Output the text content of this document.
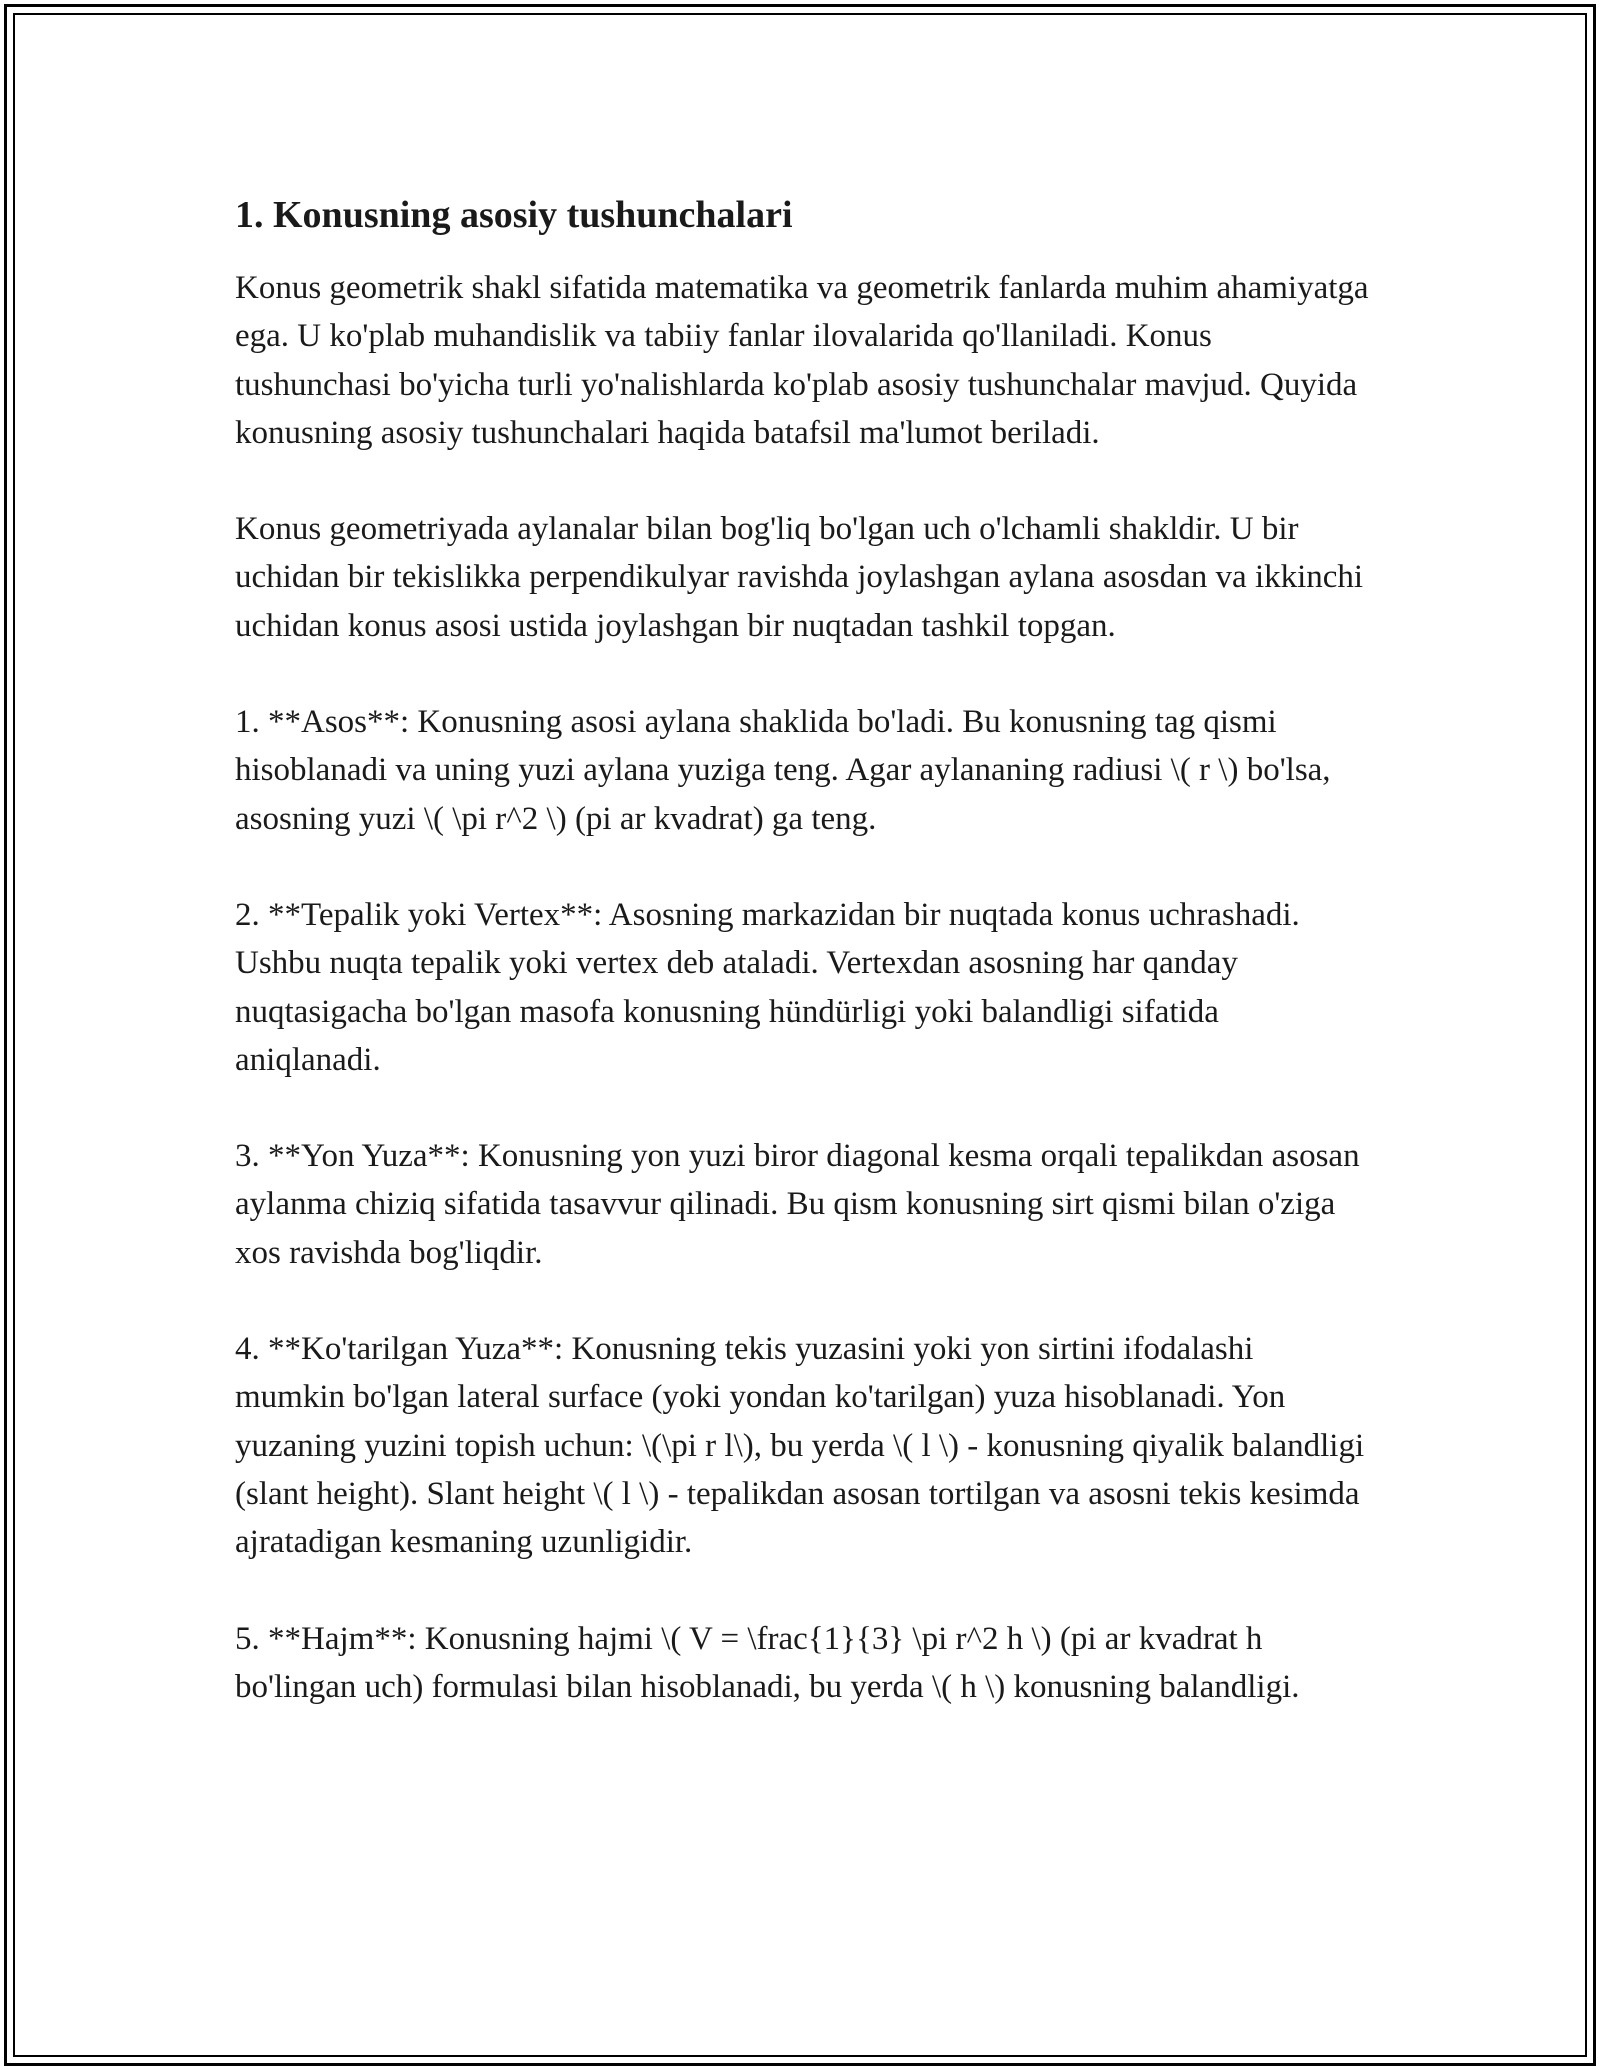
1. Konusning asosiy tushunchalari

Konus geometrik shakl sifatida matematika va geometrik fanlarda muhim ahamiyatga ega. U ko'plab muhandislik va tabiiy fanlar ilovalarida qo'llaniladi. Konus tushunchasi bo'yicha turli yo'nalishlarda ko'plab asosiy tushunchalar mavjud. Quyida konusning asosiy tushunchalari haqida batafsil ma'lumot beriladi.

Konus geometriyada aylanalar bilan bog'liq bo'lgan uch o'lchamli shakldir. U bir uchidan bir tekislikka perpendikulyar ravishda joylashgan aylana asosdan va ikkinchi uchidan konus asosi ustida joylashgan bir nuqtadan tashkil topgan.

1. **Asos**: Konusning asosi aylana shaklida bo'ladi. Bu konusning tag qismi hisoblanadi va uning yuzi aylana yuziga teng. Agar aylananing radiusi \( r \) bo'lsa, asosning yuzi \( \pi r^2 \) (pi ar kvadrat) ga teng.

2. **Tepalik yoki Vertex**: Asosning markazidan bir nuqtada konus uchrashadi. Ushbu nuqta tepalik yoki vertex deb ataladi. Vertexdan asosning har qanday nuqtasigacha bo'lgan masofa konusning hündürligi yoki balandligi sifatida aniqlanadi.

3. **Yon Yuza**: Konusning yon yuzi biror diagonal kesma orqali tepalikdan asosan aylanma chiziq sifatida tasavvur qilinadi. Bu qism konusning sirt qismi bilan o'ziga xos ravishda bog'liqdir.

4. **Ko'tarilgan Yuza**: Konusning tekis yuzasini yoki yon sirtini ifodalashi mumkin bo'lgan lateral surface (yoki yondan ko'tarilgan) yuza hisoblanadi. Yon yuzaning yuzini topish uchun: \(\pi r l\), bu yerda \( l \) - konusning qiyalik balandligi (slant height). Slant height \( l \) - tepalikdan asosan tortilgan va asosni tekis kesimda ajratadigan kesmaning uzunligidir.

5. **Hajm**: Konusning hajmi \( V = \frac{1}{3} \pi r^2 h \) (pi ar kvadrat h bo'lingan uch) formulasi bilan hisoblanadi, bu yerda \( h \) konusning balandligi.
